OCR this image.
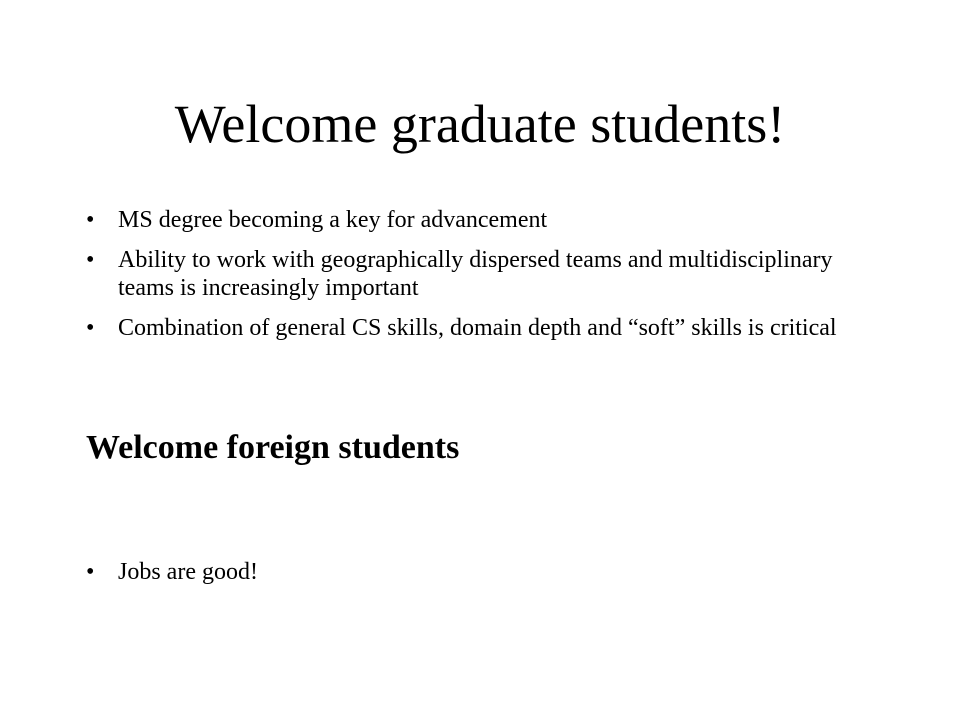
Welcome graduate students!
• MS degree becoming a key for advancement
• Ability to work with geographically dispersed teams and multidisciplinary teams is increasingly important
• Combination of general CS skills, domain depth and “soft” skills is critical
Welcome foreign students
• Jobs are good!
